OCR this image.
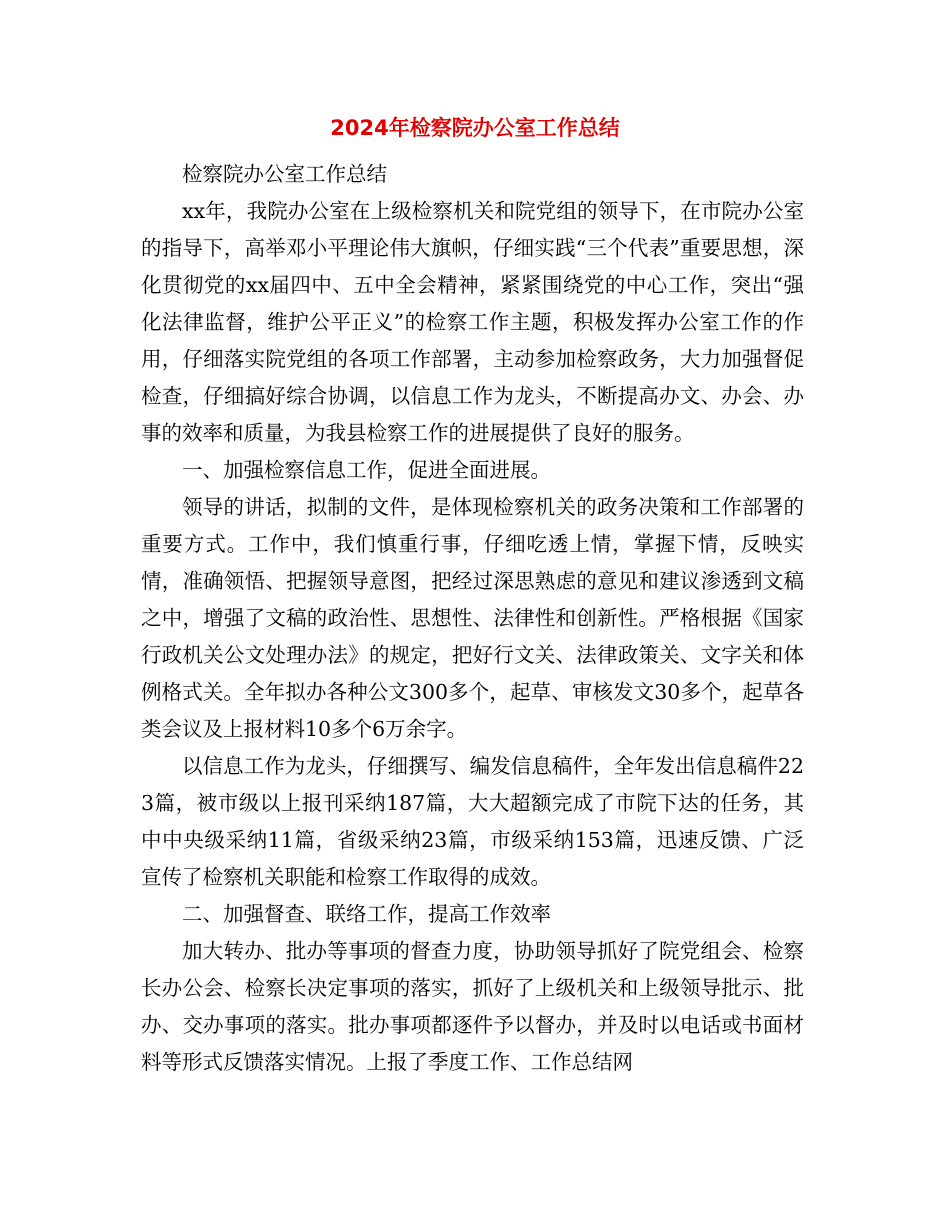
2024年检察院办公室工作总结

检察院办公室工作总结

xx年，我院办公室在上级检察机关和院党组的领导下，在市院办公室的指导下，高举邓小平理论伟大旗帜，仔细实践“三个代表”重要思想，深化贯彻党的xx届四中、五中全会精神，紧紧围绕党的中心工作，突出“强化法律监督，维护公平正义”的检察工作主题，积极发挥办公室工作的作用，仔细落实院党组的各项工作部署，主动参加检察政务，大力加强督促检查，仔细搞好综合协调，以信息工作为龙头，不断提高办文、办会、办事的效率和质量，为我县检察工作的进展提供了良好的服务。

一、加强检察信息工作，促进全面进展。

领导的讲话，拟制的文件，是体现检察机关的政务决策和工作部署的重要方式。工作中，我们慎重行事，仔细吃透上情，掌握下情，反映实情，准确领悟、把握领导意图，把经过深思熟虑的意见和建议渗透到文稿之中，增强了文稿的政治性、思想性、法律性和创新性。严格根据《国家行政机关公文处理办法》的规定，把好行文关、法律政策关、文字关和体例格式关。全年拟办各种公文300多个，起草、审核发文30多个，起草各类会议及上报材料10多个6万余字。

以信息工作为龙头，仔细撰写、编发信息稿件，全年发出信息稿件223篇，被市级以上报刊采纳187篇，大大超额完成了市院下达的任务，其中中央级采纳11篇，省级采纳23篇，市级采纳153篇，迅速反馈、广泛宣传了检察机关职能和检察工作取得的成效。

二、加强督查、联络工作，提高工作效率

加大转办、批办等事项的督查力度，协助领导抓好了院党组会、检察长办公会、检察长决定事项的落实，抓好了上级机关和上级领导批示、批办、交办事项的落实。批办事项都逐件予以督办，并及时以电话或书面材料等形式反馈落实情况。上报了季度工作、工作总结网
